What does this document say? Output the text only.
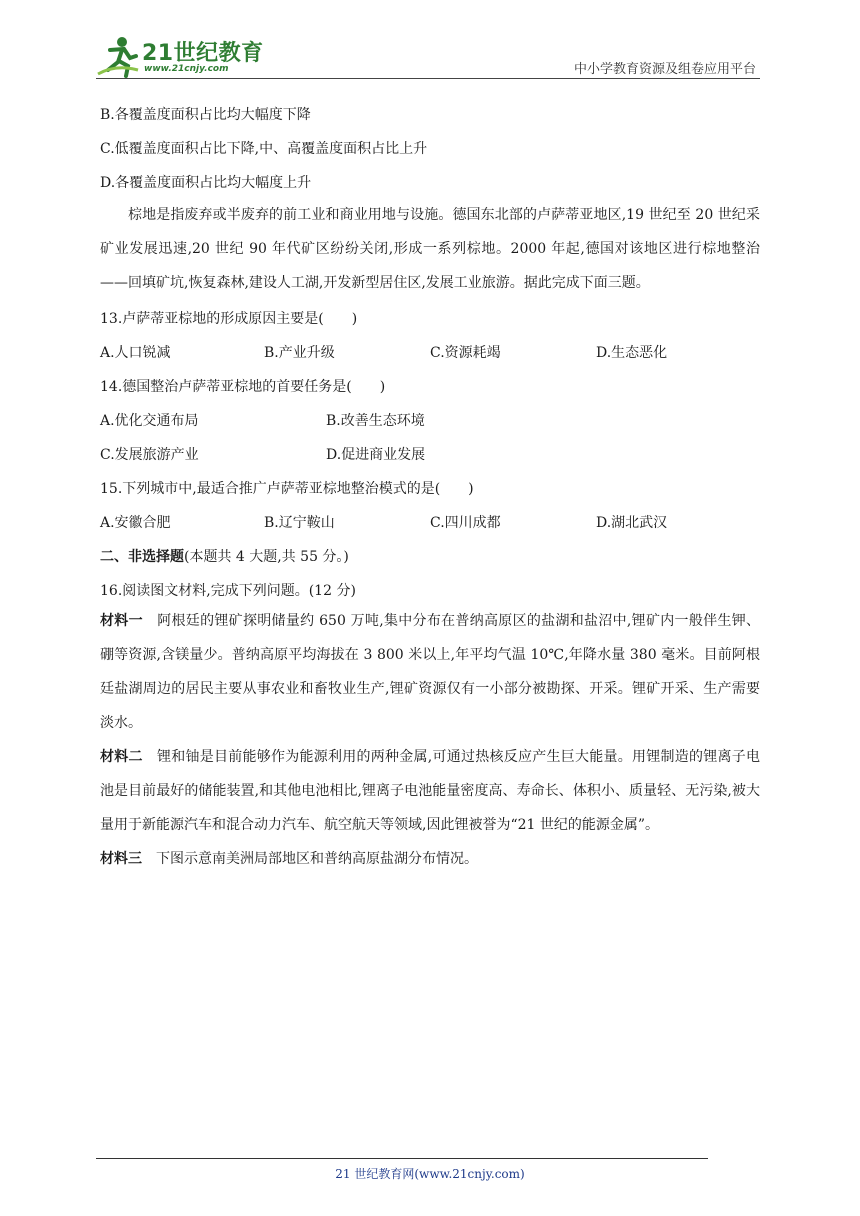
21世纪教育
www.21cnjy.com	中小学教育资源及组卷应用平台
B.各覆盖度面积占比均大幅度下降
C.低覆盖度面积占比下降,中、高覆盖度面积占比上升
D.各覆盖度面积占比均大幅度上升
棕地是指废弃或半废弃的前工业和商业用地与设施。德国东北部的卢萨蒂亚地区,19 世纪至 20 世纪采矿业发展迅速,20 世纪 90 年代矿区纷纷关闭,形成一系列棕地。2000 年起,德国对该地区进行棕地整治——回填矿坑,恢复森林,建设人工湖,开发新型居住区,发展工业旅游。据此完成下面三题。
13.卢萨蒂亚棕地的形成原因主要是(　　)
A.人口锐减	B.产业升级	C.资源耗竭	D.生态恶化
14.德国整治卢萨蒂亚棕地的首要任务是(　　)
A.优化交通布局	B.改善生态环境
C.发展旅游产业	D.促进商业发展
15.下列城市中,最适合推广卢萨蒂亚棕地整治模式的是(　　)
A.安徽合肥	B.辽宁鞍山	C.四川成都	D.湖北武汉
二、非选择题(本题共 4 大题,共 55 分。)
16.阅读图文材料,完成下列问题。(12 分)
材料一　 阿根廷的锂矿探明储量约 650 万吨,集中分布在普纳高原区的盐湖和盐沼中,锂矿内一般伴生钾、硼等资源,含镁量少。普纳高原平均海拔在 3 800 米以上,年平均气温 10℃,年降水量 380 毫米。目前阿根廷盐湖周边的居民主要从事农业和畜牧业生产,锂矿资源仅有一小部分被勘探、开采。锂矿开采、生产需要淡水。
材料二　 锂和铀是目前能够作为能源利用的两种金属,可通过热核反应产生巨大能量。用锂制造的锂离子电池是目前最好的储能装置,和其他电池相比,锂离子电池能量密度高、寿命长、体积小、质量轻、无污染,被大量用于新能源汽车和混合动力汽车、航空航天等领域,因此锂被誉为“21 世纪的能源金属”。
材料三　 下图示意南美洲局部地区和普纳高原盐湖分布情况。
21 世纪教育网(www.21cnjy.com)
